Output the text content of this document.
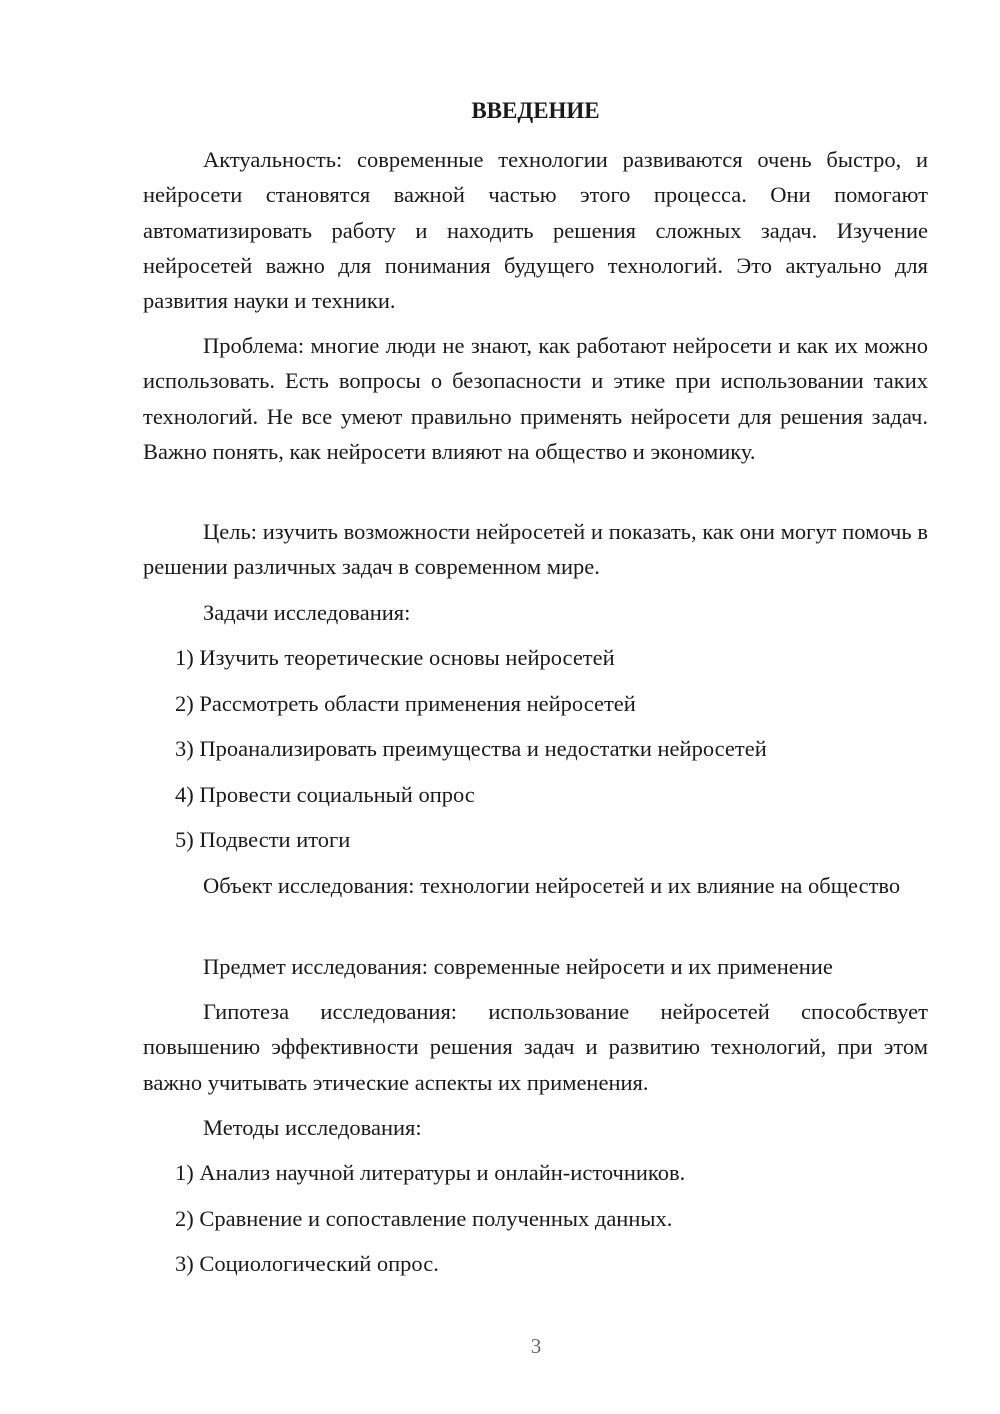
ВВЕДЕНИЕ
Актуальность: современные технологии развиваются очень быстро, и нейросети становятся важной частью этого процесса. Они помогают автоматизировать работу и находить решения сложных задач. Изучение нейросетей важно для понимания будущего технологий. Это актуально для развития науки и техники.
Проблема: многие люди не знают, как работают нейросети и как их можно использовать. Есть вопросы о безопасности и этике при использовании таких технологий. Не все умеют правильно применять нейросети для решения задач. Важно понять, как нейросети влияют на общество и экономику.
Цель: изучить возможности нейросетей и показать, как они могут помочь в решении различных задач в современном мире.
Задачи исследования:
1) Изучить теоретические основы нейросетей
2) Рассмотреть области применения нейросетей
3) Проанализировать преимущества и недостатки нейросетей
4) Провести социальный опрос
5) Подвести итоги
Объект исследования: технологии нейросетей и их влияние на общество
Предмет исследования: современные нейросети и их применение
Гипотеза исследования: использование нейросетей способствует повышению эффективности решения задач и развитию технологий, при этом важно учитывать этические аспекты их применения.
Методы исследования:
1) Анализ научной литературы и онлайн-источников.
2) Сравнение и сопоставление полученных данных.
3) Социологический опрос.
3
